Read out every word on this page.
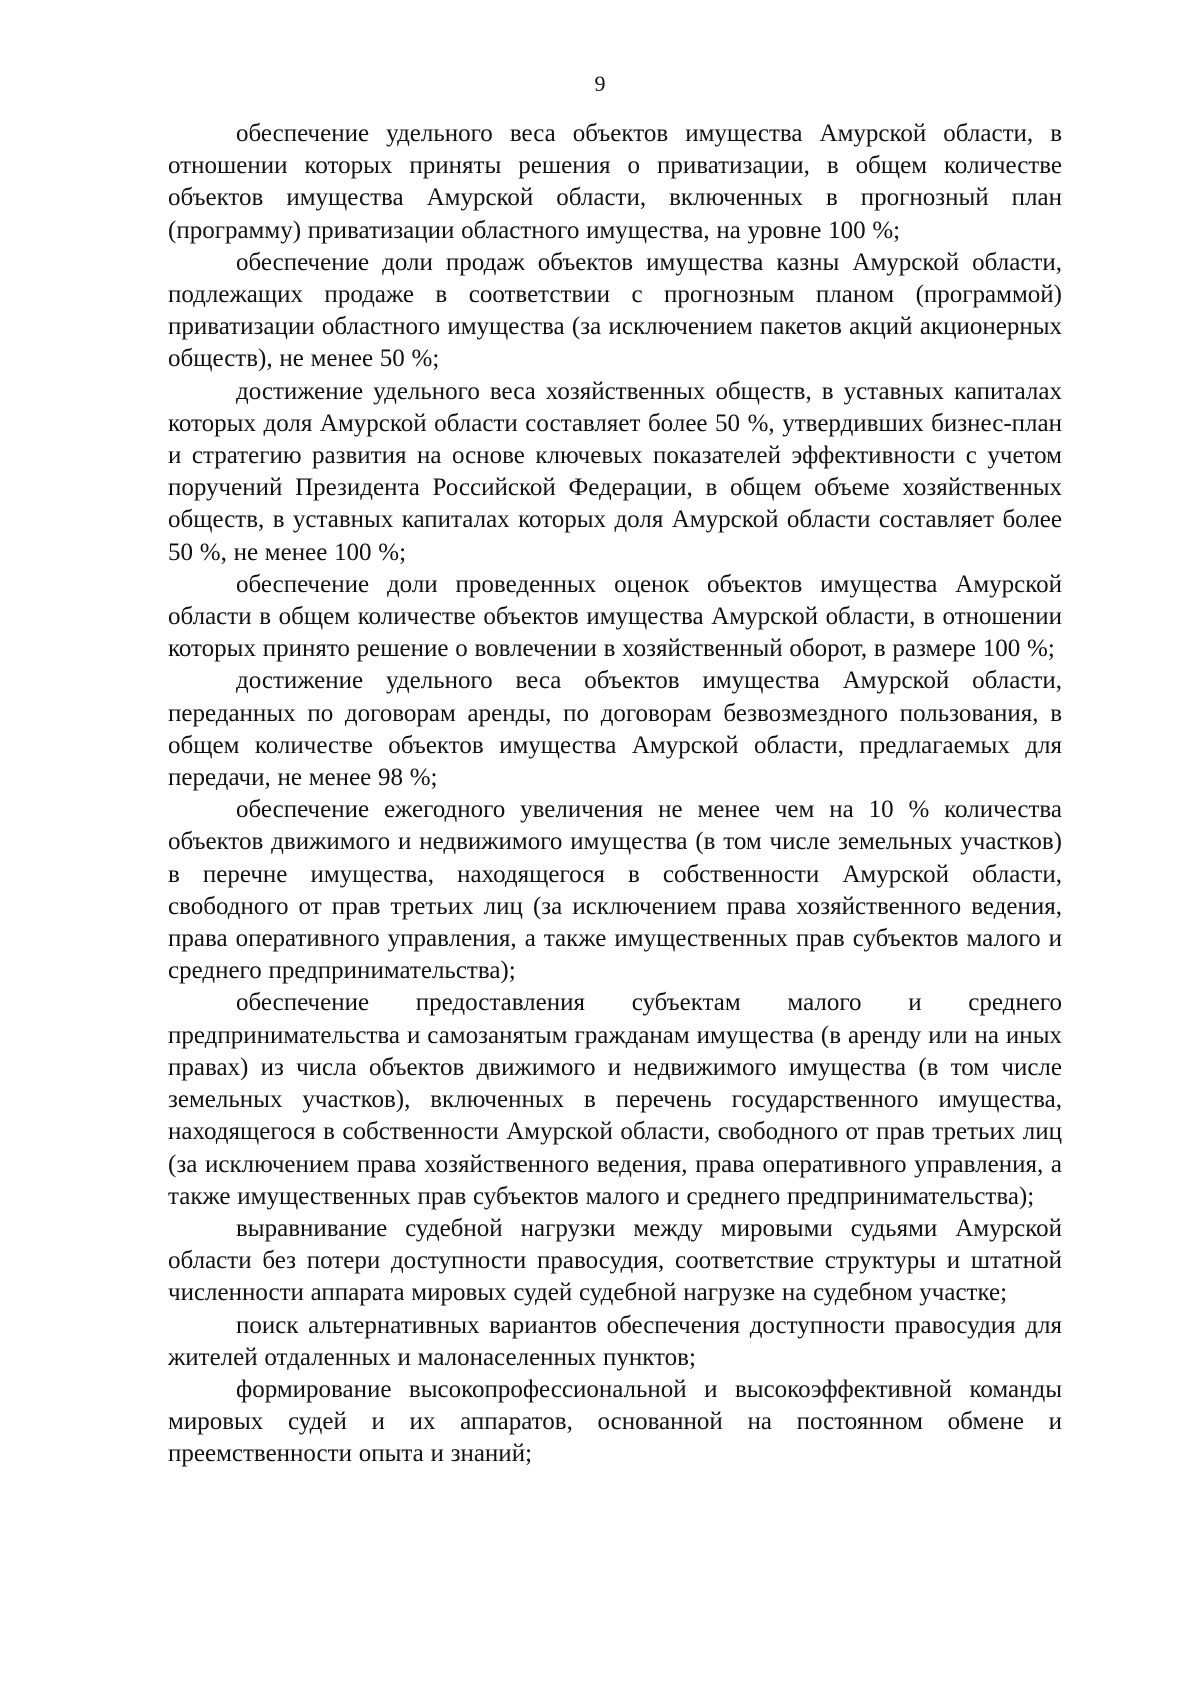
9

обеспечение удельного веса объектов имущества Амурской области, в отношении которых приняты решения о приватизации, в общем количестве объектов имущества Амурской области, включенных в прогнозный план (программу) приватизации областного имущества, на уровне 100 %;

обеспечение доли продаж объектов имущества казны Амурской области, подлежащих продаже в соответствии с прогнозным планом (программой) приватизации областного имущества (за исключением пакетов акций акционерных обществ), не менее 50 %;

достижение удельного веса хозяйственных обществ, в уставных капиталах которых доля Амурской области составляет более 50 %, утвердивших бизнес-план и стратегию развития на основе ключевых показателей эффективности с учетом поручений Президента Российской Федерации, в общем объеме хозяйственных обществ, в уставных капиталах которых доля Амурской области составляет более 50 %, не менее 100 %;

обеспечение доли проведенных оценок объектов имущества Амурской области в общем количестве объектов имущества Амурской области, в отношении которых принято решение о вовлечении в хозяйственный оборот, в размере 100 %;

достижение удельного веса объектов имущества Амурской области, переданных по договорам аренды, по договорам безвозмездного пользования, в общем количестве объектов имущества Амурской области, предлагаемых для передачи, не менее 98 %;

обеспечение ежегодного увеличения не менее чем на 10 % количества объектов движимого и недвижимого имущества (в том числе земельных участков) в перечне имущества, находящегося в собственности Амурской области, свободного от прав третьих лиц (за исключением права хозяйственного ведения, права оперативного управления, а также имущественных прав субъектов малого и среднего предпринимательства);

обеспечение предоставления субъектам малого и среднего предпринимательства и самозанятым гражданам имущества (в аренду или на иных правах) из числа объектов движимого и недвижимого имущества (в том числе земельных участков), включенных в перечень государственного имущества, находящегося в собственности Амурской области, свободного от прав третьих лиц (за исключением права хозяйственного ведения, права оперативного управления, а также имущественных прав субъектов малого и среднего предпринимательства);

выравнивание судебной нагрузки между мировыми судьями Амурской области без потери доступности правосудия, соответствие структуры и штатной численности аппарата мировых судей судебной нагрузке на судебном участке;

поиск альтернативных вариантов обеспечения доступности правосудия для жителей отдаленных и малонаселенных пунктов;

формирование высокопрофессиональной и высокоэффективной команды мировых судей и их аппаратов, основанной на постоянном обмене и преемственности опыта и знаний;
